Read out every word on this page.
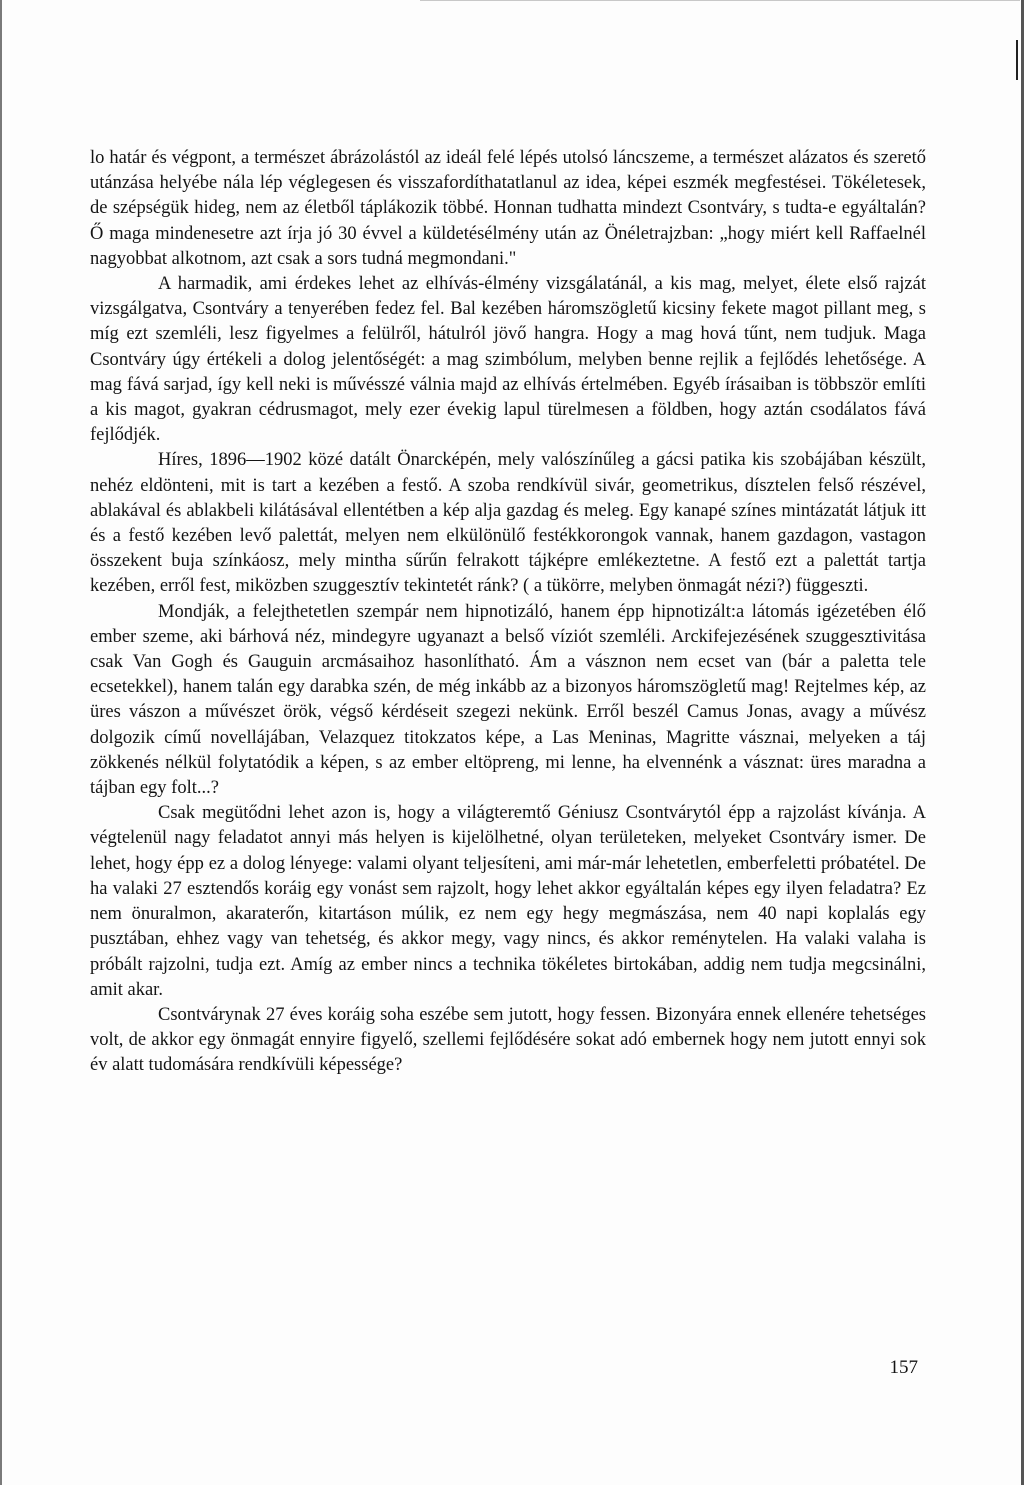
lo határ és végpont, a természet ábrázolástól az ideál felé lépés utolsó láncszeme, a természet alázatos és szerető utánzása helyébe nála lép véglegesen és visszafordíthatatlanul az idea, képei eszmék megfestései. Tökéletesek, de szépségük hideg, nem az életből táplákozik többé. Honnan tudhatta mindezt Csontváry, s tudta-e egyáltalán? Ő maga mindenesetre azt írja jó 30 évvel a küldetésélmény után az Önéletrajzban: „hogy miért kell Raffaelnél nagyobbat alkotnom, azt csak a sors tudná megmondani."

A harmadik, ami érdekes lehet az elhívás-élmény vizsgálatánál, a kis mag, melyet, élete első rajzát vizsgálgatva, Csontváry a tenyerében fedez fel. Bal kezében háromszögletű kicsiny fekete magot pillant meg, s míg ezt szemléli, lesz figyelmes a felülről, hátulról jövő hangra. Hogy a mag hová tűnt, nem tudjuk. Maga Csontváry úgy értékeli a dolog jelentőségét: a mag szimbólum, melyben benne rejlik a fejlődés lehetősége. A mag fává sarjad, így kell neki is művésszé válnia majd az elhívás értelmében. Egyéb írásaiban is többször említi a kis magot, gyakran cédrusmagot, mely ezer évekig lapul türelmesen a földben, hogy aztán csodálatos fává fejlődjék.

Híres, 1896—1902 közé datált Önarcképén, mely valószínűleg a gácsi patika kis szobájában készült, nehéz eldönteni, mit is tart a kezében a festő. A szoba rendkívül sivár, geometrikus, dísztelen felső részével, ablakával és ablakbeli kilátásával ellentétben a kép alja gazdag és meleg. Egy kanapé színes mintázatát látjuk itt és a festő kezében levő palettát, melyen nem elkülönülő festékkorongok vannak, hanem gazdagon, vastagon összekent buja színkáosz, mely mintha sűrűn felrakott tájképre emlékeztetne. A festő ezt a palettát tartja kezében, erről fest, miközben szuggesztív tekintetét ránk? ( a tükörre, melyben önmagát nézi?) függeszti.

Mondják, a felejthetetlen szempár nem hipnotizáló, hanem épp hipnotizált:a látomás igézetében élő ember szeme, aki bárhová néz, mindegyre ugyanazt a belső víziót szemléli. Arckifejezésének szuggesztivitása csak Van Gogh és Gauguin arcmásaihoz hasonlítható. Ám a vásznon nem ecset van (bár a paletta tele ecsetekkel), hanem talán egy darabka szén, de még inkább az a bizonyos háromszögletű mag! Rejtelmes kép, az üres vászon a művészet örök, végső kérdéseit szegezi nekünk. Erről beszél Camus Jonas, avagy a művész dolgozik című novellájában, Velazquez titokzatos képe, a Las Meninas, Magritte vásznai, melyeken a táj zökkenés nélkül folytatódik a képen, s az ember eltöpreng, mi lenne, ha elvennénk a vásznat: üres maradna a tájban egy folt...?

Csak megütődni lehet azon is, hogy a világteremtő Géniusz Csontvárytól épp a rajzolást kívánja. A végtelenül nagy feladatot annyi más helyen is kijelölhetné, olyan területeken, melyeket Csontváry ismer. De lehet, hogy épp ez a dolog lényege: valami olyant teljesíteni, ami már-már lehetetlen, emberfeletti próbatétel. De ha valaki 27 esztendős koráig egy vonást sem rajzolt, hogy lehet akkor egyáltalán képes egy ilyen feladatra? Ez nem önuralmon, akaraterőn, kitartáson múlik, ez nem egy hegy megmászása, nem 40 napi koplalás egy pusztában, ehhez vagy van tehetség, és akkor megy, vagy nincs, és akkor reménytelen. Ha valaki valaha is próbált rajzolni, tudja ezt. Amíg az ember nincs a technika tökéletes birtokában, addig nem tudja megcsinálni, amit akar.

Csontvárynak 27 éves koráig soha eszébe sem jutott, hogy fessen. Bizonyára ennek ellenére tehetséges volt, de akkor egy önmagát ennyire figyelő, szellemi fejlődésére sokat adó embernek hogy nem jutott ennyi sok év alatt tudomására rendkívüli képessége?

157
